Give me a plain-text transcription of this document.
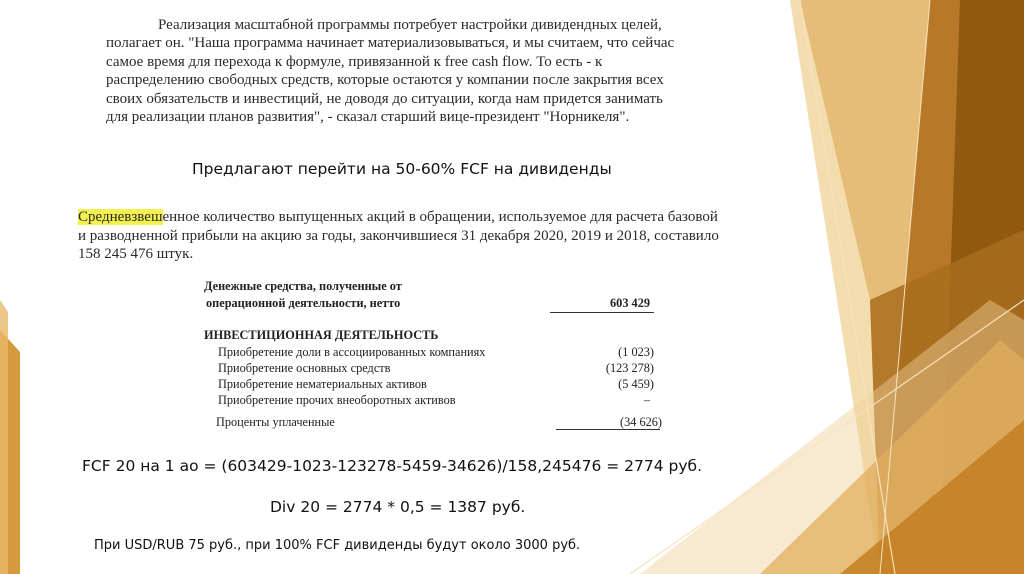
Реализация масштабной программы потребует настройки дивидендных целей,
полагает он. "Наша программа начинает материализовываться, и мы считаем, что сейчас
самое время для перехода к формуле, привязанной к free cash flow. То есть - к
распределению свободных средств, которые остаются у компании после закрытия всех
своих обязательств и инвестиций, не доводя до ситуации, когда нам придется занимать
для реализации планов развития", - сказал старший вице-президент "Норникеля".
Предлагают перейти на 50-60% FCF на дивиденды
Средневзвешенное количество выпущенных акций в обращении, используемое для расчета базовой
и разводненной прибыли на акцию за годы, закончившиеся 31 декабря 2020, 2019 и 2018, составило
158 245 476 штук.
Денежные средства, полученные от
операционной деятельности, нетто	603 429
ИНВЕСТИЦИОННАЯ ДЕЯТЕЛЬНОСТЬ
Приобретение доли в ассоциированных компаниях	(1 023)
Приобретение основных средств	(123 278)
Приобретение нематериальных активов	(5 459)
Приобретение прочих внеоборотных активов	–
Проценты уплаченные	(34 626)
FCF 20 на 1 ао = (603429-1023-123278-5459-34626)/158,245476 = 2774 руб.
Div 20 = 2774 * 0,5 = 1387 руб.
При USD/RUB 75 руб., при 100% FCF дивиденды будут около 3000 руб.
